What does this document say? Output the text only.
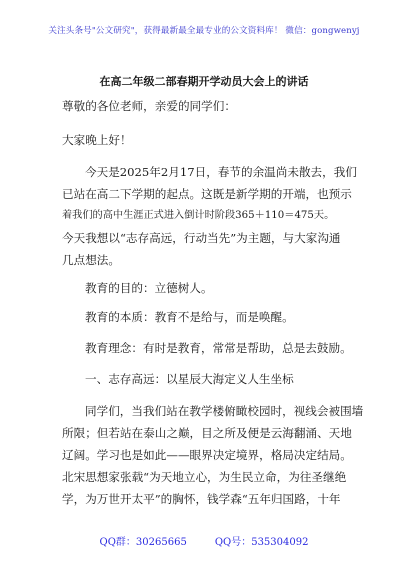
关注头条号"公文研究"，获得最新最全最专业的公文资料库！ 微信：gongwenyj
在高二年级二部春期开学动员大会上的讲话
尊敬的各位老师，亲爱的同学们：
大家晚上好！
今天是2025年2月17日，春节的余温尚未散去，我们
已站在高二下学期的起点。这既是新学期的开端，也预示
着我们的高中生涯正式进入倒计时阶段365＋110＝475天。
今天我想以“志存高远，行动当先”为主题，与大家沟通
几点想法。
教育的目的：立德树人。
教育的本质：教育不是给与，而是唤醒。
教育理念：有时是教育，常常是帮助，总是去鼓励。
一、志存高远：以星辰大海定义人生坐标
同学们，当我们站在教学楼俯瞰校园时，视线会被围墙
所限；但若站在泰山之巅，目之所及便是云海翻涌、天地
辽阔。学习也是如此——眼界决定境界，格局决定结局。
北宋思想家张载“为天地立心，为生民立命，为往圣继绝
学，为万世开太平”的胸怀，钱学森“五年归国路，十年
QQ群：30265665	QQ号：535304092
